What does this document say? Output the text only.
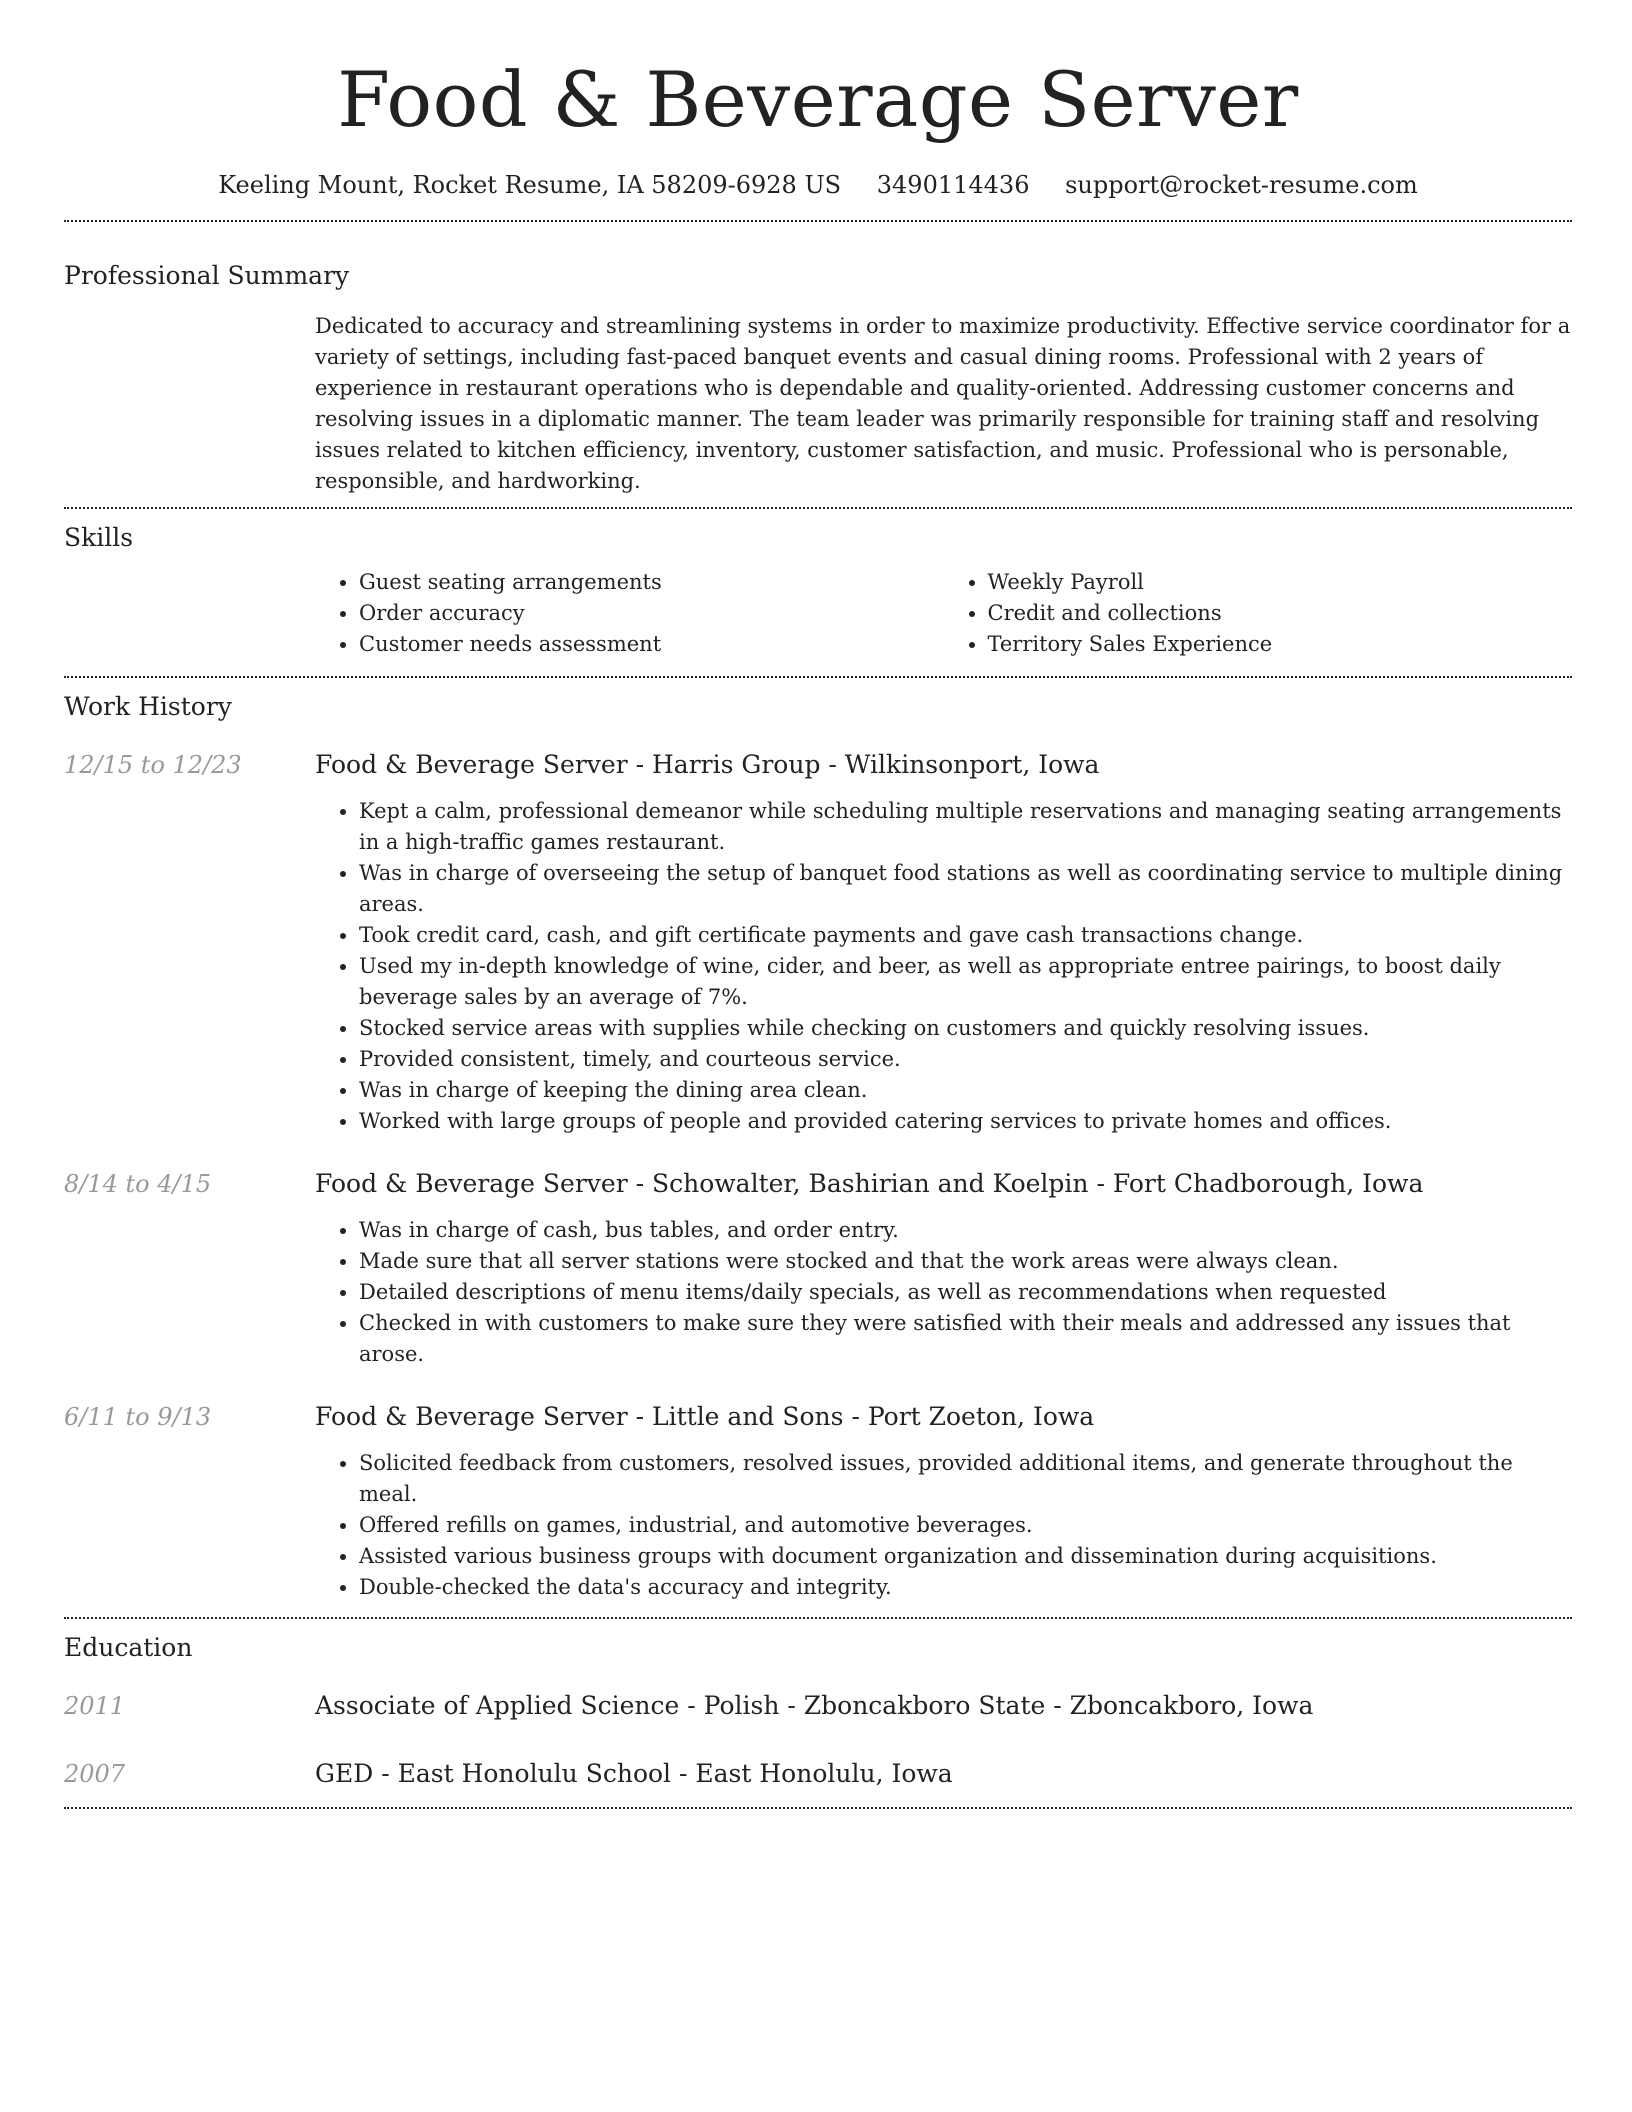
Food & Beverage Server
Keeling Mount, Rocket Resume, IA 58209-6928 US 3490114436 support@rocket-resume.com
Professional Summary

Dedicated to accuracy and streamlining systems in order to maximize productivity. Effective service coordinator for a variety of settings, including fast-paced banquet events and casual dining rooms. Professional with 2 years of experience in restaurant operations who is dependable and quality-oriented. Addressing customer concerns and resolving issues in a diplomatic manner. The team leader was primarily responsible for training staff and resolving issues related to kitchen efficiency, inventory, customer satisfaction, and music. Professional who is personable, responsible, and hardworking.

Skills
• Guest seating arrangements
• Order accuracy
• Customer needs assessment
• Weekly Payroll
• Credit and collections
• Territory Sales Experience
Work History
12/15 to 12/23	Food & Beverage Server - Harris Group - Wilkinsonport, Iowa
• Kept a calm, professional demeanor while scheduling multiple reservations and managing seating arrangements in a high-traffic games restaurant.
• Was in charge of overseeing the setup of banquet food stations as well as coordinating service to multiple dining areas.
• Took credit card, cash, and gift certificate payments and gave cash transactions change.
• Used my in-depth knowledge of wine, cider, and beer, as well as appropriate entree pairings, to boost daily beverage sales by an average of 7%.
• Stocked service areas with supplies while checking on customers and quickly resolving issues.
• Provided consistent, timely, and courteous service.
• Was in charge of keeping the dining area clean.
• Worked with large groups of people and provided catering services to private homes and offices.
8/14 to 4/15	Food & Beverage Server - Schowalter, Bashirian and Koelpin - Fort Chadborough, Iowa
• Was in charge of cash, bus tables, and order entry.
• Made sure that all server stations were stocked and that the work areas were always clean.
• Detailed descriptions of menu items/daily specials, as well as recommendations when requested
• Checked in with customers to make sure they were satisfied with their meals and addressed any issues that arose.
6/11 to 9/13	Food & Beverage Server - Little and Sons - Port Zoeton, Iowa
• Solicited feedback from customers, resolved issues, provided additional items, and generate throughout the meal.
• Offered refills on games, industrial, and automotive beverages.
• Assisted various business groups with document organization and dissemination during acquisitions.
• Double-checked the data's accuracy and integrity.
Education
2011	Associate of Applied Science - Polish - Zboncakboro State - Zboncakboro, Iowa
2007	GED - East Honolulu School - East Honolulu, Iowa
